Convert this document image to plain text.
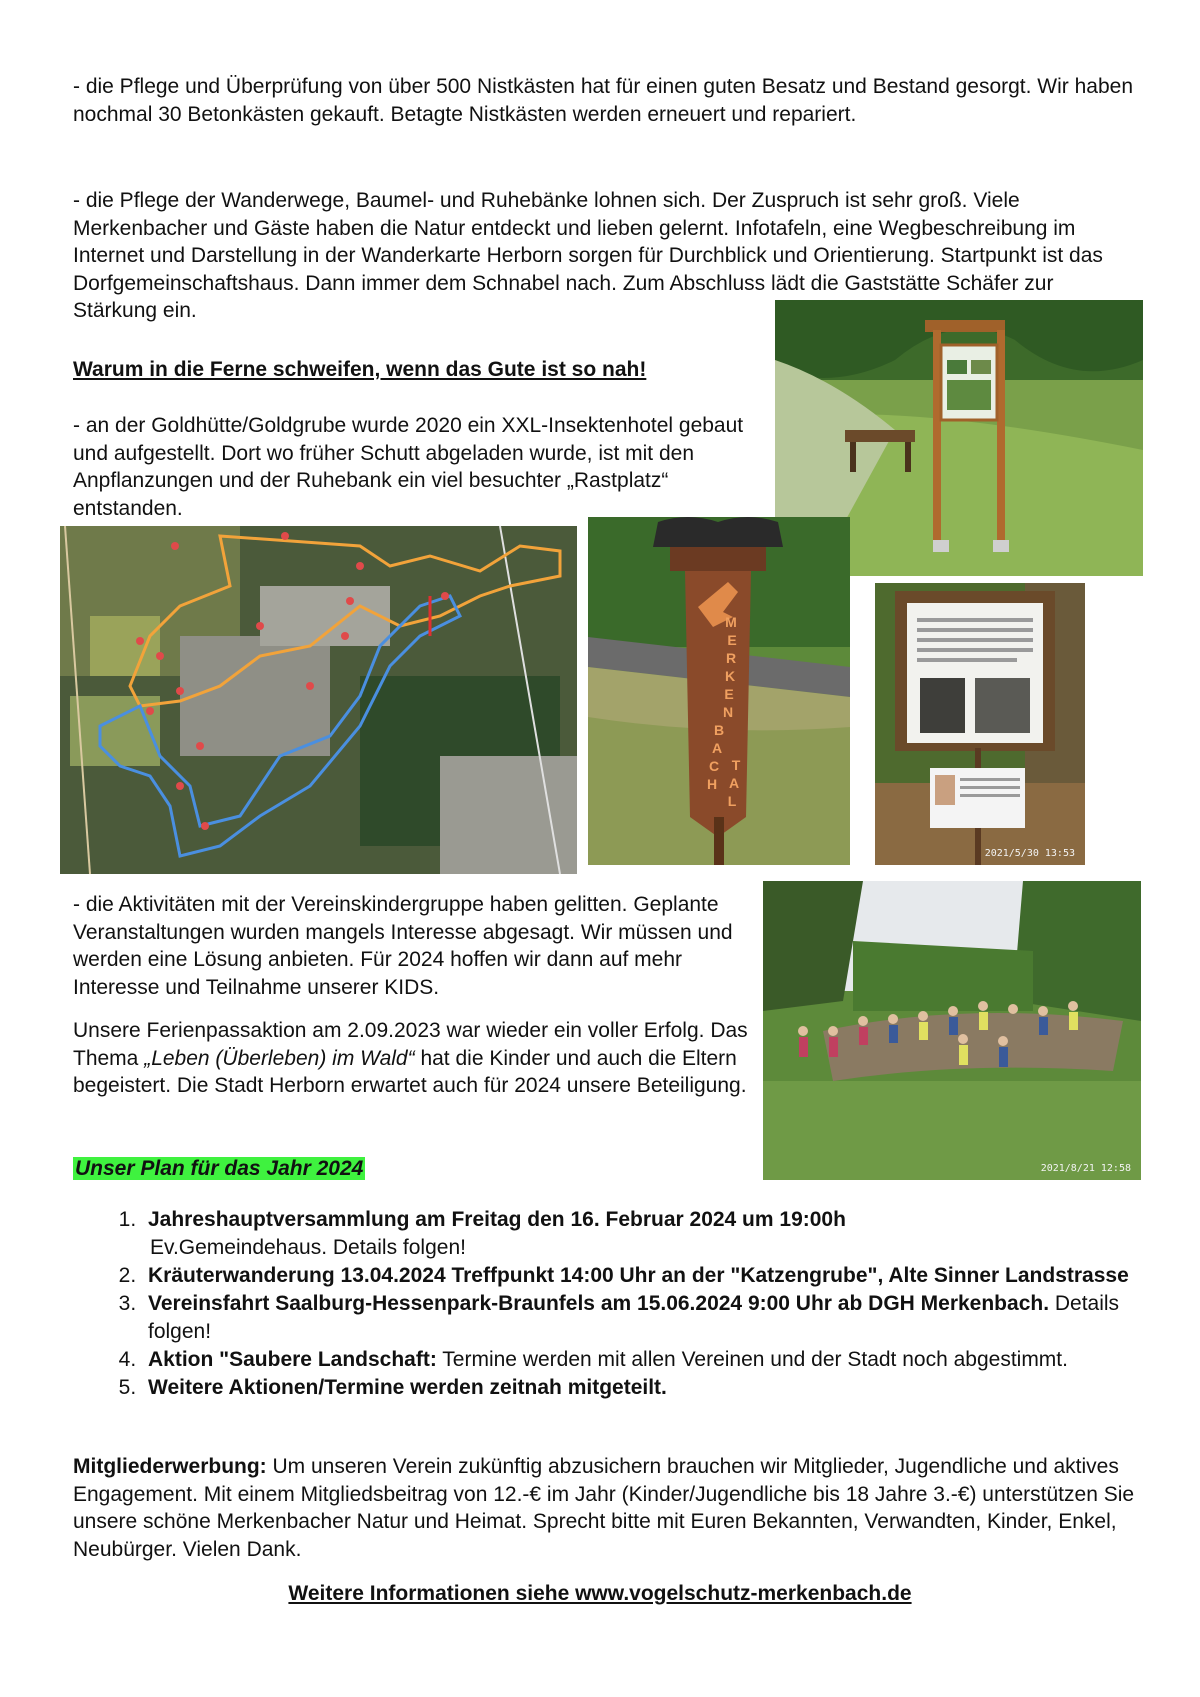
- die Pflege und Überprüfung von über 500 Nistkästen hat für einen guten Besatz und Bestand gesorgt. Wir haben nochmal 30 Betonkästen gekauft. Betagte Nistkästen werden erneuert und repariert.

- die Pflege der Wanderwege, Baumel- und Ruhebänke lohnen sich. Der Zuspruch ist sehr groß. Viele Merkenbacher und Gäste haben die Natur entdeckt und lieben gelernt. Infotafeln, eine Wegbeschreibung im Internet und Darstellung in der Wanderkarte Herborn sorgen für Durchblick und Orientierung. Startpunkt ist das Dorfgemeinschaftshaus. Dann immer dem Schnabel nach. Zum Abschluss lädt die Gaststätte Schäfer zur Stärkung ein.

Warum in die Ferne schweifen, wenn das Gute ist so nah!

- an der Goldhütte/Goldgrube wurde 2020 ein XXL-Insektenhotel gebaut und aufgestellt. Dort wo früher Schutt abgeladen wurde, ist mit den Anpflanzungen und der Ruhebank ein viel besuchter „Rastplatz“ entstanden.

M E R K E N B A C H
T A L
2021/5/30 13:53

- die Aktivitäten mit der Vereinskindergruppe haben gelitten. Geplante Veranstaltungen wurden mangels Interesse abgesagt. Wir müssen und werden eine Lösung anbieten. Für 2024 hoffen wir dann auf mehr Interesse und Teilnahme unserer KIDS.

2021/8/21 12:58

Unsere Ferienpassaktion am 2.09.2023 war wieder ein voller Erfolg. Das Thema „Leben (Überleben) im Wald“ hat die Kinder und auch die Eltern begeistert. Die Stadt Herborn erwartet auch für 2024 unsere Beteiligung.

Unser Plan für das Jahr 2024

1. Jahreshauptversammlung am Freitag den 16. Februar 2024 um 19:00h
Ev.Gemeindehaus. Details folgen!
2. Kräuterwanderung 13.04.2024 Treffpunkt 14:00 Uhr an der "Katzengrube", Alte Sinner Landstrasse
3. Vereinsfahrt Saalburg-Hessenpark-Braunfels am 15.06.2024 9:00 Uhr ab DGH Merkenbach. Details folgen!
4. Aktion "Saubere Landschaft: Termine werden mit allen Vereinen und der Stadt noch abgestimmt.
5. Weitere Aktionen/Termine werden zeitnah mitgeteilt.

Mitgliederwerbung: Um unseren Verein zukünftig abzusichern brauchen wir Mitglieder, Jugendliche und aktives Engagement. Mit einem Mitgliedsbeitrag von 12.-€ im Jahr (Kinder/Jugendliche bis 18 Jahre 3.-€) unterstützen Sie unsere schöne Merkenbacher Natur und Heimat. Sprecht bitte mit Euren Bekannten, Verwandten, Kinder, Enkel, Neubürger. Vielen Dank.

Weitere Informationen siehe www.vogelschutz-merkenbach.de
